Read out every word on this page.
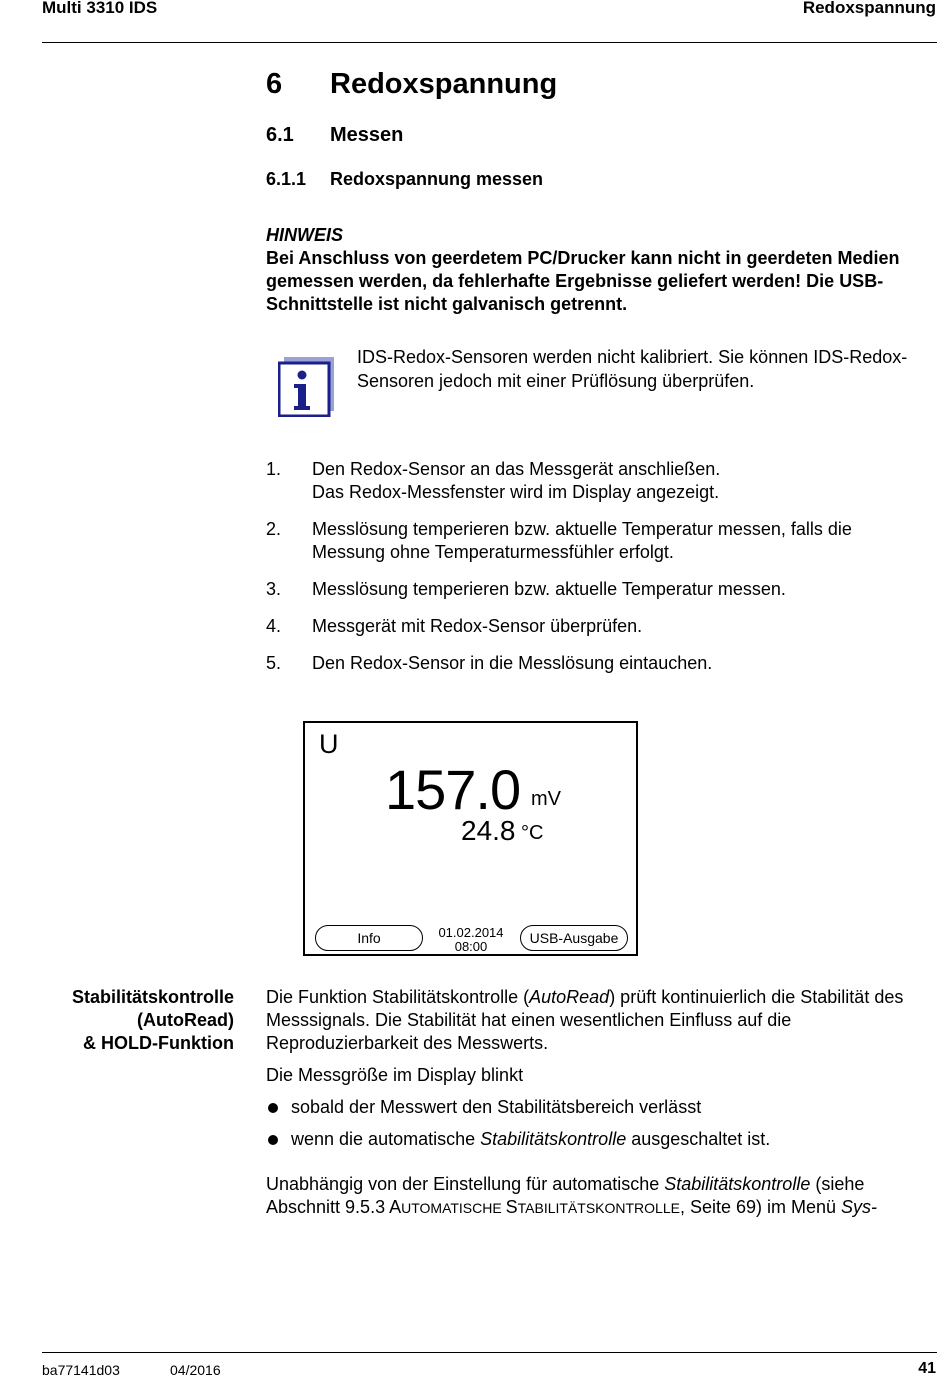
Multi 3310 IDS	Redoxspannung
6 Redoxspannung
6.1 Messen
6.1.1 Redoxspannung messen
HINWEIS
Bei Anschluss von geerdetem PC/Drucker kann nicht in geerdeten Medien gemessen werden, da fehlerhafte Ergebnisse geliefert werden! Die USB-Schnittstelle ist nicht galvanisch getrennt.
IDS-Redox-Sensoren werden nicht kalibriert. Sie können IDS-Redox-Sensoren jedoch mit einer Prüflösung überprüfen.
1. Den Redox-Sensor an das Messgerät anschließen.
Das Redox-Messfenster wird im Display angezeigt.
2. Messlösung temperieren bzw. aktuelle Temperatur messen, falls die Messung ohne Temperaturmessfühler erfolgt.
3. Messlösung temperieren bzw. aktuelle Temperatur messen.
4. Messgerät mit Redox-Sensor überprüfen.
5. Den Redox-Sensor in die Messlösung eintauchen.
U
157.0 mV
24.8 °C
Info	01.02.2014
08:00
USB-Ausgabe
Stabilitätskontrolle
(AutoRead)
& HOLD-Funktion

Die Funktion Stabilitätskontrolle (AutoRead) prüft kontinuierlich die Stabilität des Messsignals. Die Stabilität hat einen wesentlichen Einfluss auf die Reproduzierbarkeit des Messwerts.

Die Messgröße im Display blinkt

sobald der Messwert den Stabilitätsbereich verlässt
wenn die automatische Stabilitätskontrolle ausgeschaltet ist.

Unabhängig von der Einstellung für automatische Stabilitätskontrolle (siehe Abschnitt 9.5.3 AUTOMATISCHE STABILITÄTSKONTROLLE, Seite 69) im Menü Sys-

ba77141d03	04/2016	41
